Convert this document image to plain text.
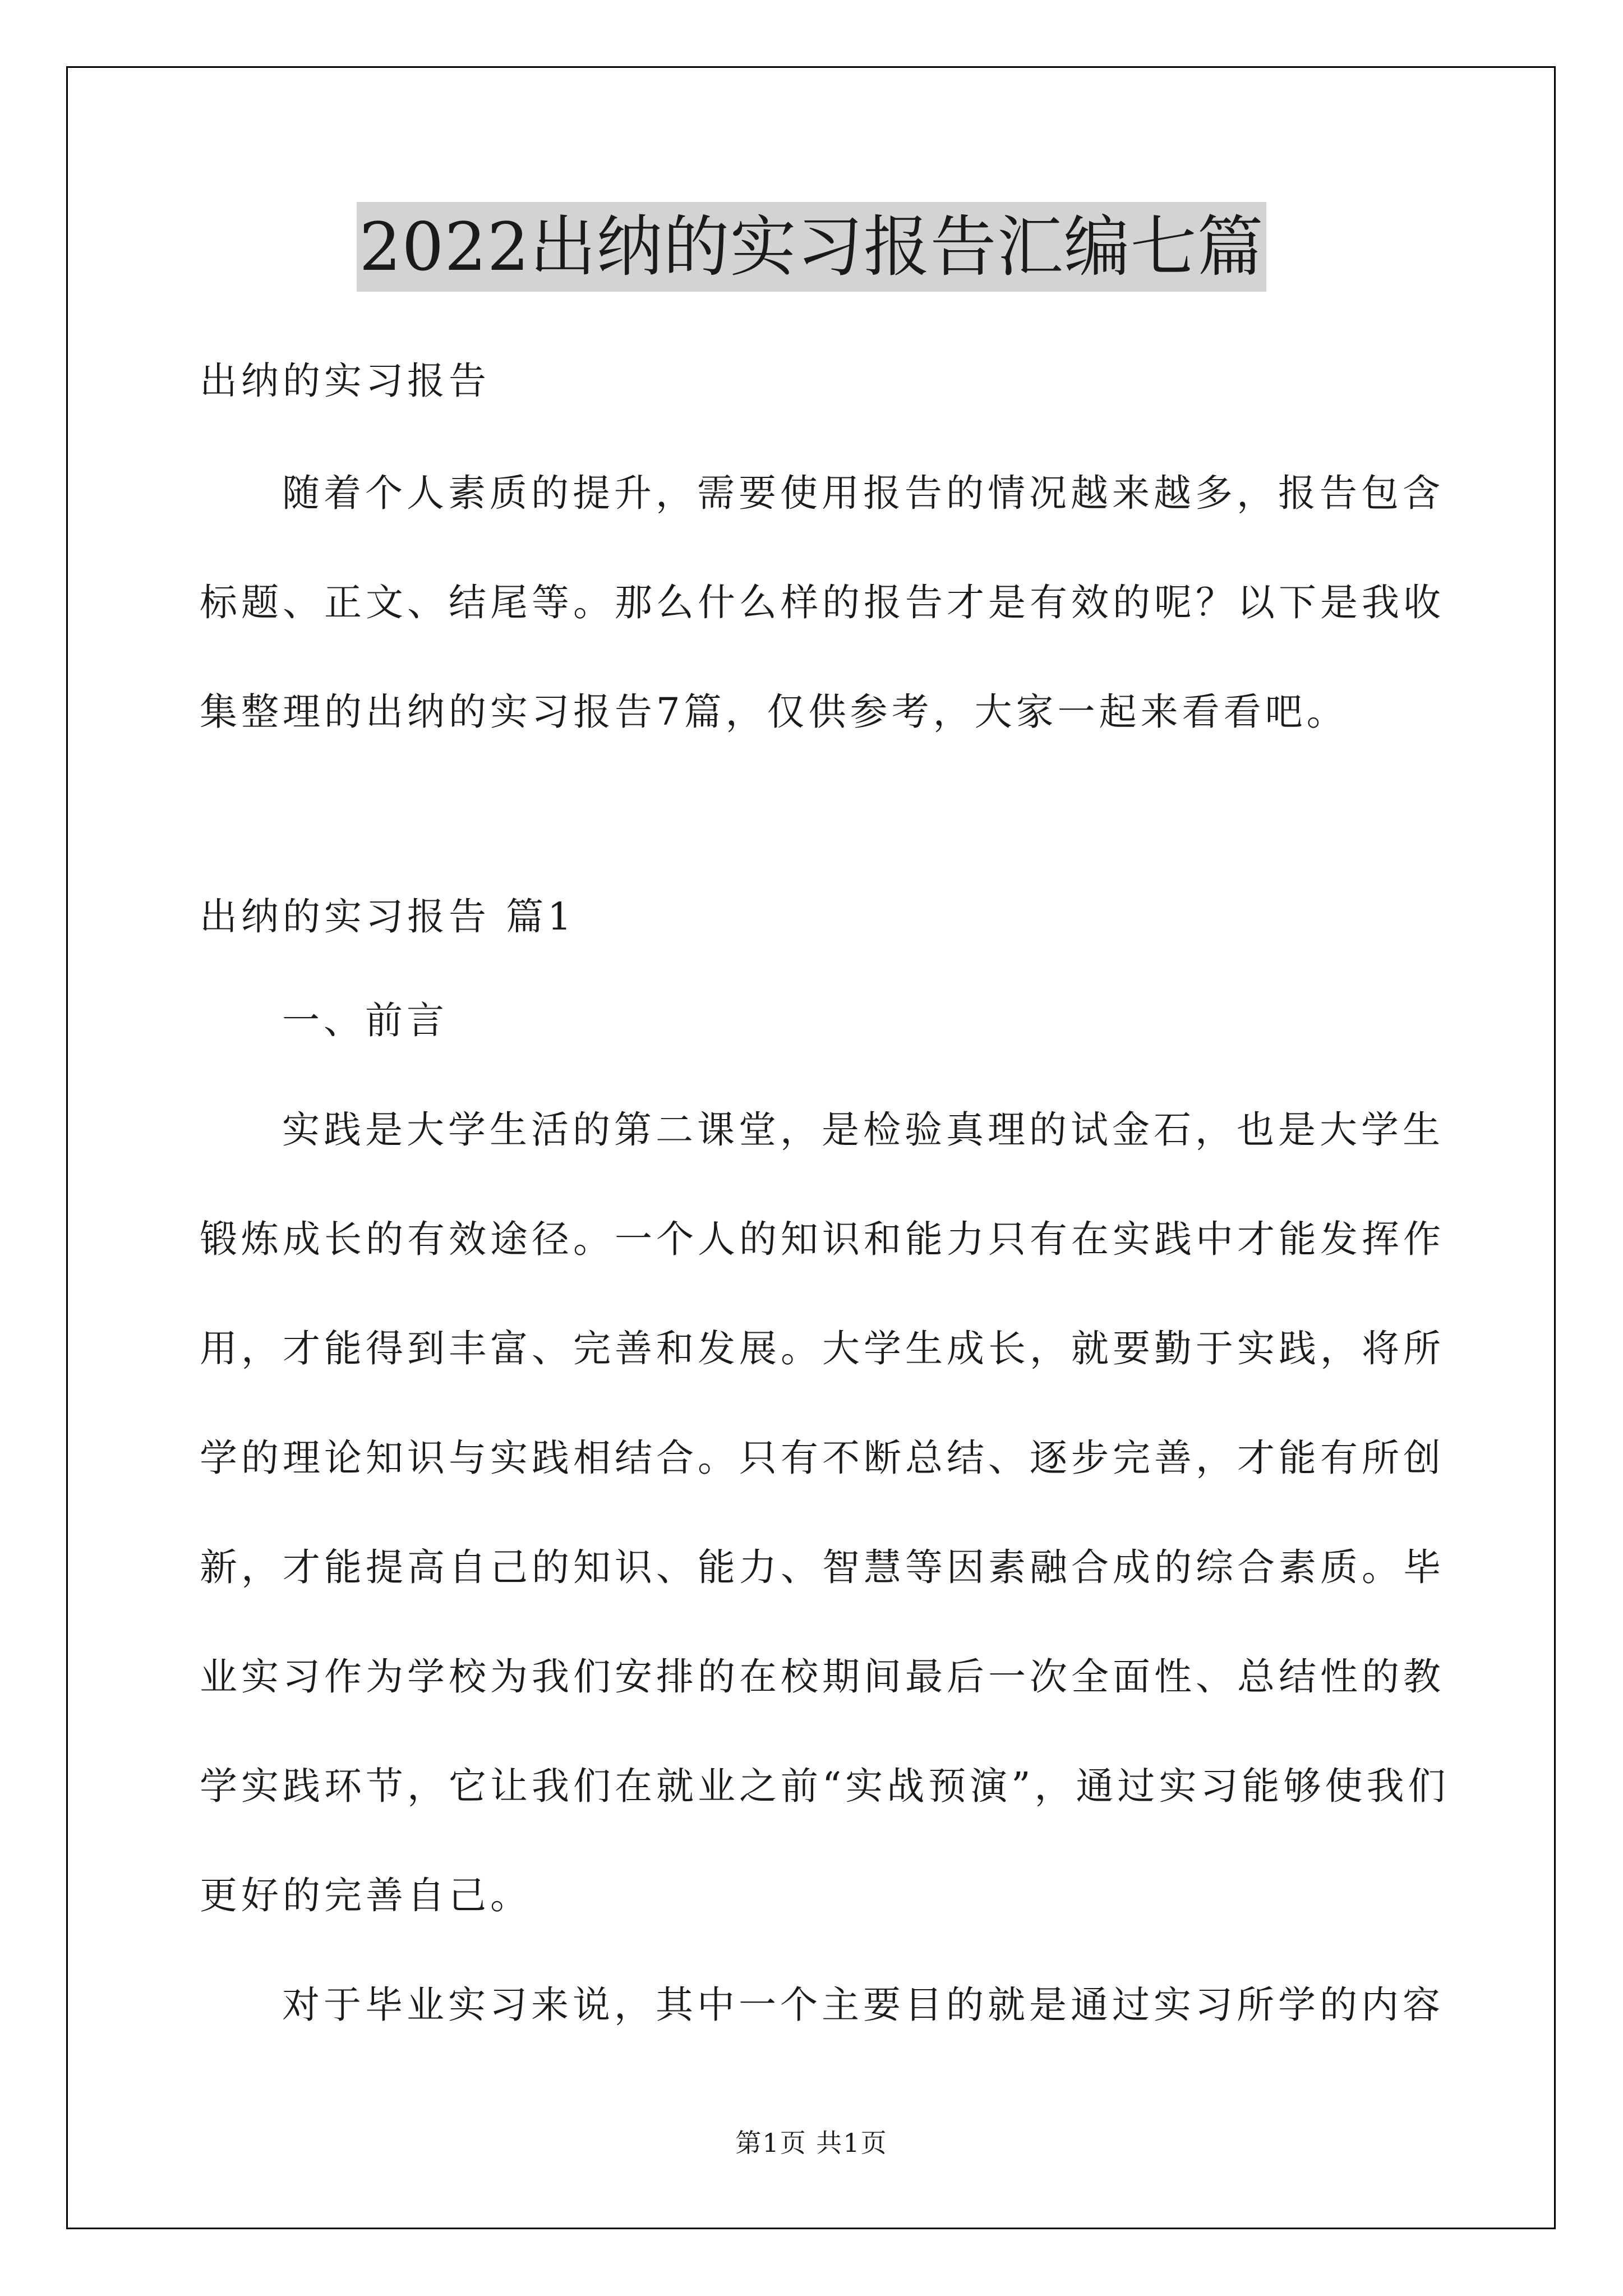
2022出纳的实习报告汇编七篇

出纳的实习报告

随着个人素质的提升，需要使用报告的情况越来越多，报告包含

标题、正文、结尾等。那么什么样的报告才是有效的呢？以下是我收

集整理的出纳的实习报告7篇，仅供参考，大家一起来看看吧。

出纳的实习报告 篇1

一、前言

实践是大学生活的第二课堂，是检验真理的试金石，也是大学生

锻炼成长的有效途径。一个人的知识和能力只有在实践中才能发挥作

用，才能得到丰富、完善和发展。大学生成长，就要勤于实践，将所

学的理论知识与实践相结合。只有不断总结、逐步完善，才能有所创

新，才能提高自己的知识、能力、智慧等因素融合成的综合素质。毕

业实习作为学校为我们安排的在校期间最后一次全面性、总结性的教

学实践环节，它让我们在就业之前“实战预演”，通过实习能够使我们

更好的完善自己。

对于毕业实习来说，其中一个主要目的就是通过实习所学的内容

第1页 共1页
